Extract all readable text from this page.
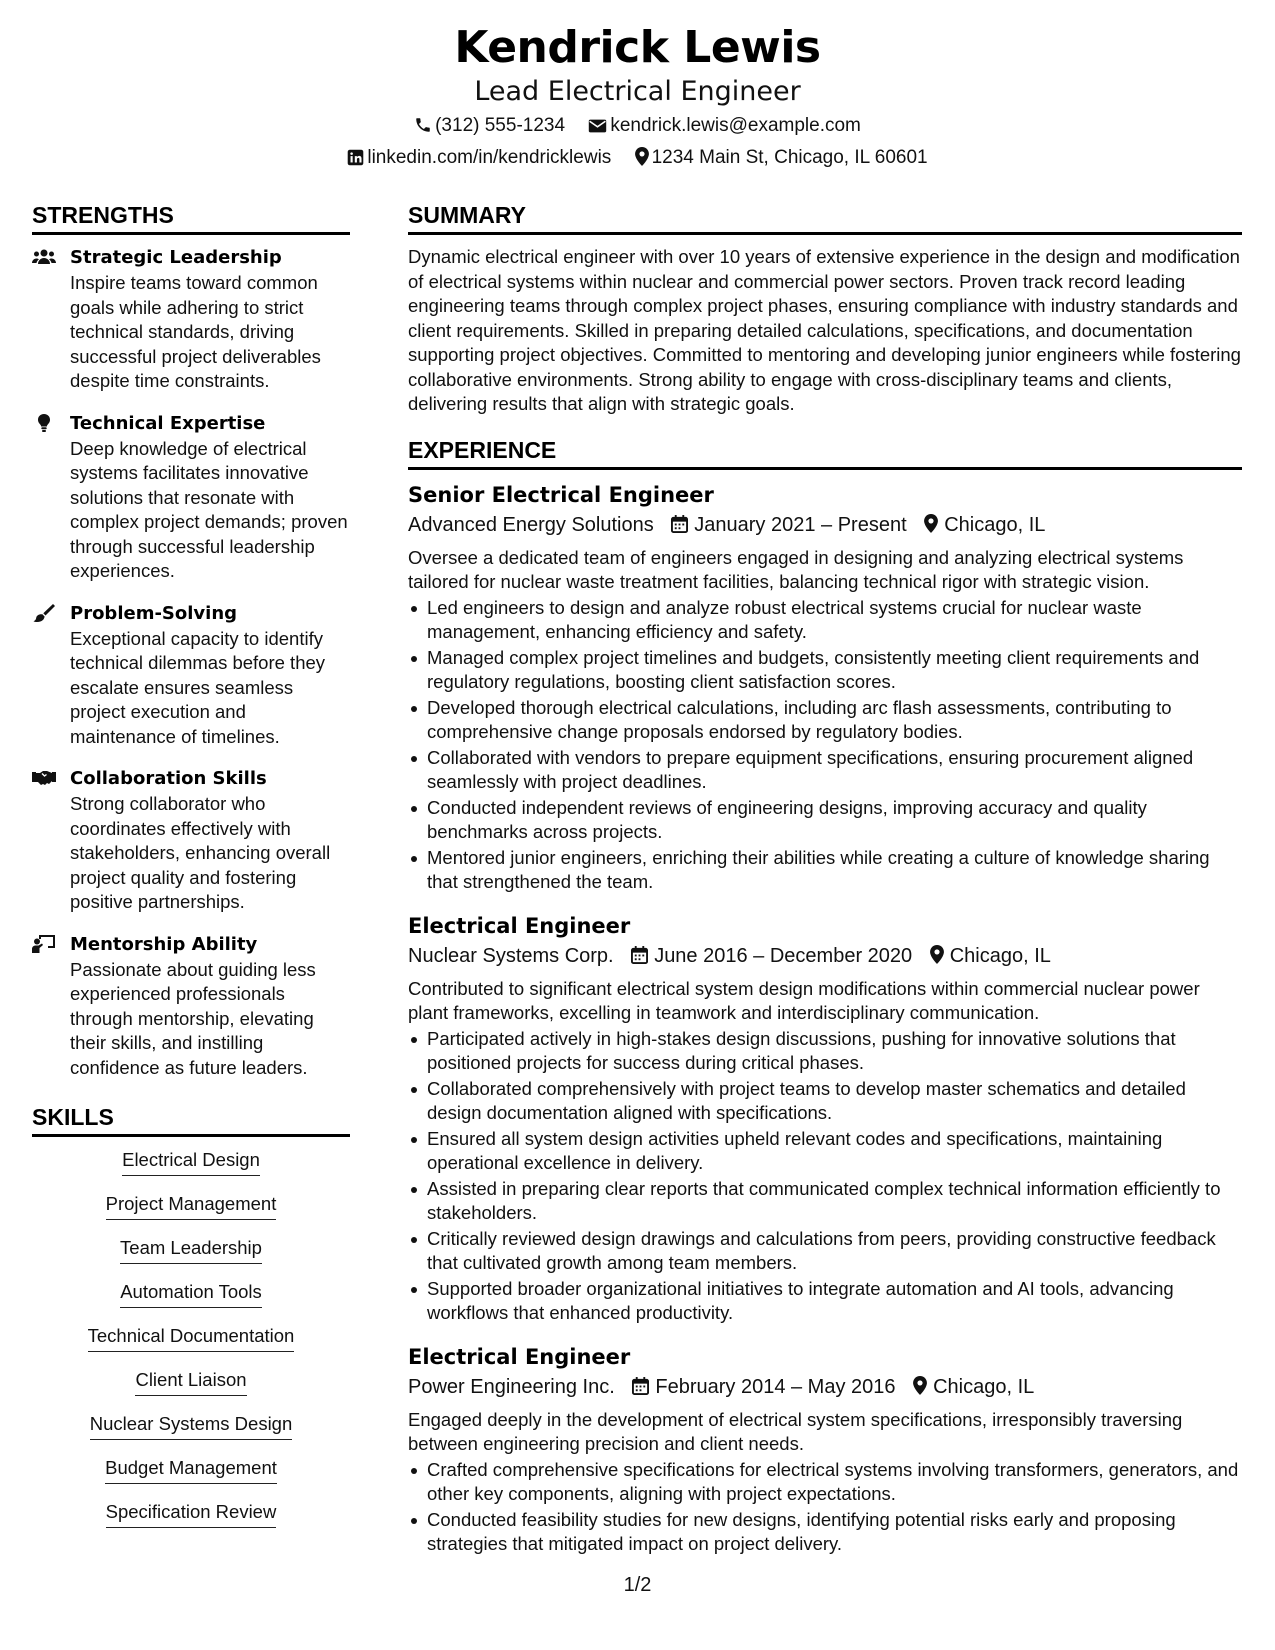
Kendrick Lewis
Lead Electrical Engineer
(312) 555-1234 kendrick.lewis@example.com
linkedin.com/in/kendricklewis 1234 Main St, Chicago, IL 60601
STRENGTHS
Strategic Leadership
Inspire teams toward common goals while adhering to strict technical standards, driving successful project deliverables despite time constraints.
Technical Expertise
Deep knowledge of electrical systems facilitates innovative solutions that resonate with complex project demands; proven through successful leadership experiences.
Problem-Solving
Exceptional capacity to identify technical dilemmas before they escalate ensures seamless project execution and maintenance of timelines.
Collaboration Skills
Strong collaborator who coordinates effectively with stakeholders, enhancing overall project quality and fostering positive partnerships.
Mentorship Ability
Passionate about guiding less experienced professionals through mentorship, elevating their skills, and instilling confidence as future leaders.
SKILLS
Electrical Design
Project Management
Team Leadership
Automation Tools
Technical Documentation
Client Liaison
Nuclear Systems Design
Budget Management
Specification Review
SUMMARY
Dynamic electrical engineer with over 10 years of extensive experience in the design and modification of electrical systems within nuclear and commercial power sectors. Proven track record leading engineering teams through complex project phases, ensuring compliance with industry standards and client requirements. Skilled in preparing detailed calculations, specifications, and documentation supporting project objectives. Committed to mentoring and developing junior engineers while fostering collaborative environments. Strong ability to engage with cross-disciplinary teams and clients, delivering results that align with strategic goals.
EXPERIENCE
Senior Electrical Engineer
Advanced Energy Solutions January 2021 – Present Chicago, IL
Oversee a dedicated team of engineers engaged in designing and analyzing electrical systems tailored for nuclear waste treatment facilities, balancing technical rigor with strategic vision.
Led engineers to design and analyze robust electrical systems crucial for nuclear waste management, enhancing efficiency and safety.
Managed complex project timelines and budgets, consistently meeting client requirements and regulatory regulations, boosting client satisfaction scores.
Developed thorough electrical calculations, including arc flash assessments, contributing to comprehensive change proposals endorsed by regulatory bodies.
Collaborated with vendors to prepare equipment specifications, ensuring procurement aligned seamlessly with project deadlines.
Conducted independent reviews of engineering designs, improving accuracy and quality benchmarks across projects.
Mentored junior engineers, enriching their abilities while creating a culture of knowledge sharing that strengthened the team.
Electrical Engineer
Nuclear Systems Corp. June 2016 – December 2020 Chicago, IL
Contributed to significant electrical system design modifications within commercial nuclear power plant frameworks, excelling in teamwork and interdisciplinary communication.
Participated actively in high-stakes design discussions, pushing for innovative solutions that positioned projects for success during critical phases.
Collaborated comprehensively with project teams to develop master schematics and detailed design documentation aligned with specifications.
Ensured all system design activities upheld relevant codes and specifications, maintaining operational excellence in delivery.
Assisted in preparing clear reports that communicated complex technical information efficiently to stakeholders.
Critically reviewed design drawings and calculations from peers, providing constructive feedback that cultivated growth among team members.
Supported broader organizational initiatives to integrate automation and AI tools, advancing workflows that enhanced productivity.
Electrical Engineer
Power Engineering Inc. February 2014 – May 2016 Chicago, IL
Engaged deeply in the development of electrical system specifications, irresponsibly traversing between engineering precision and client needs.
Crafted comprehensive specifications for electrical systems involving transformers, generators, and other key components, aligning with project expectations.
Conducted feasibility studies for new designs, identifying potential risks early and proposing strategies that mitigated impact on project delivery.
1/2
